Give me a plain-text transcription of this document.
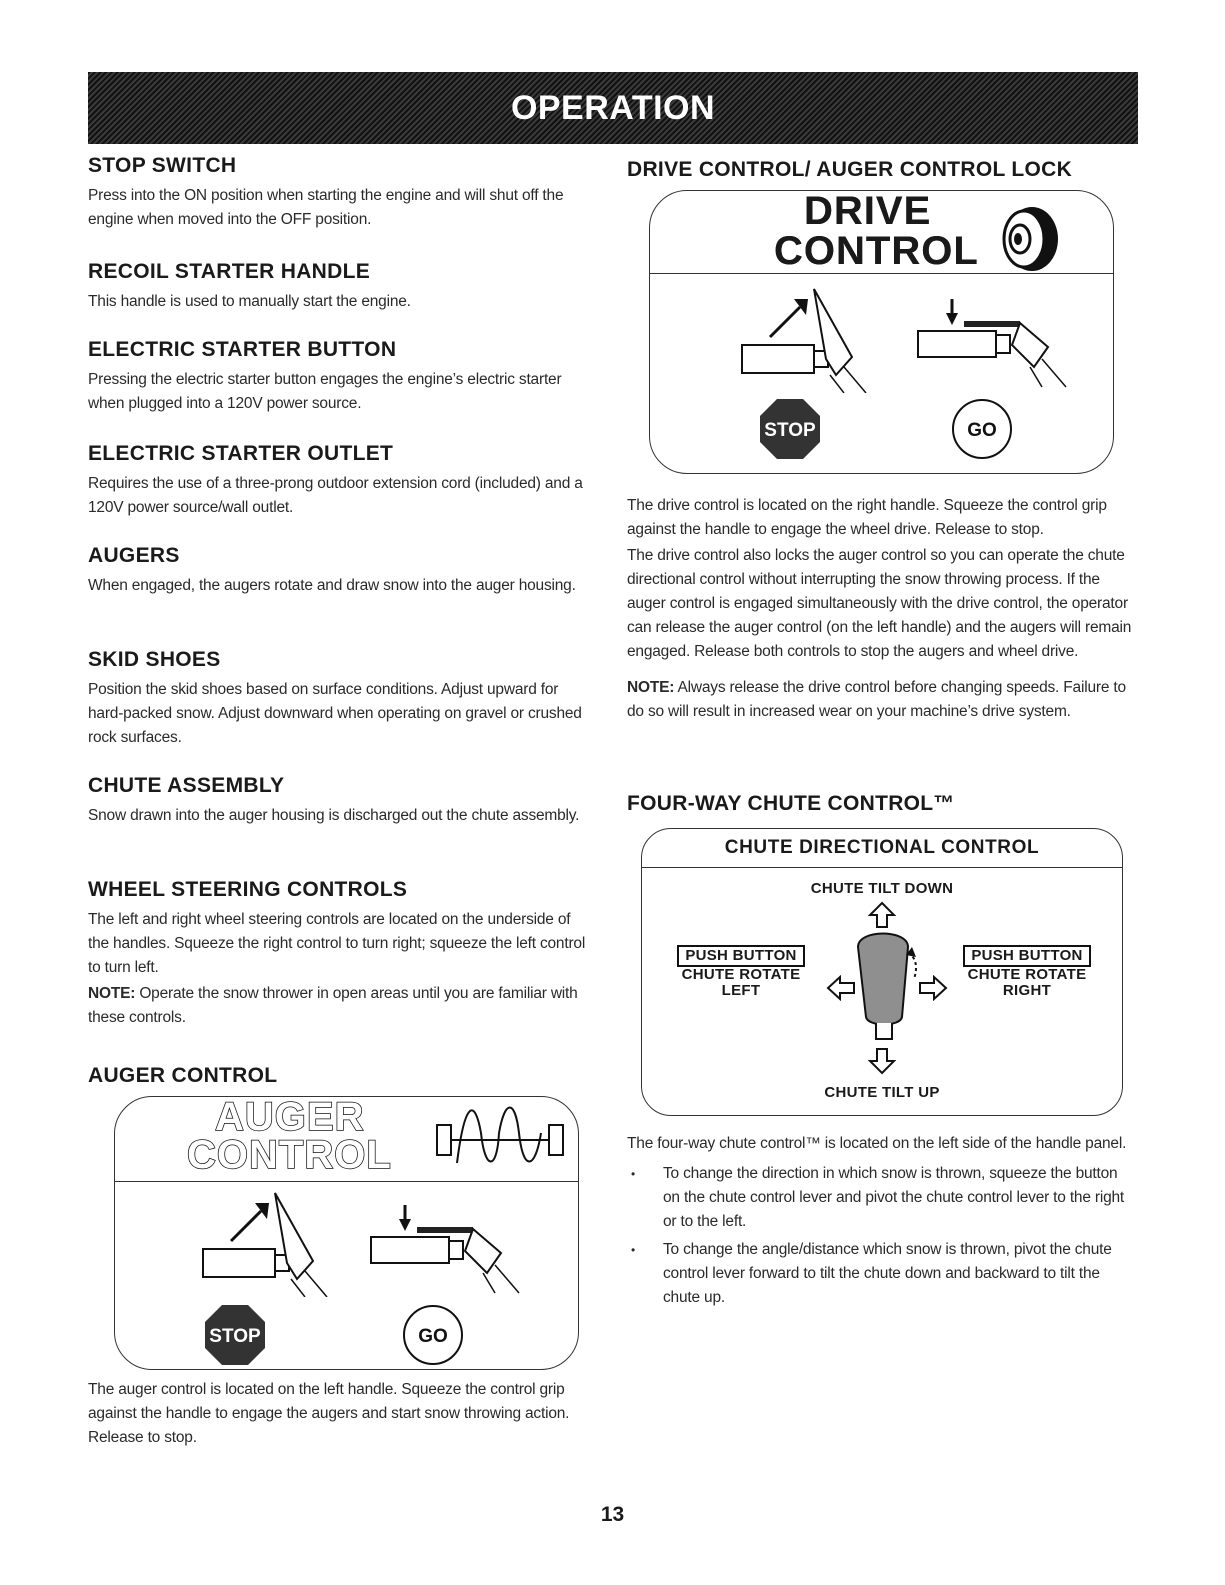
OPERATION
STOP SWITCH

Press into the ON position when starting the engine and will shut off the engine when moved into the OFF position.

RECOIL STARTER HANDLE

This handle is used to manually start the engine.

ELECTRIC STARTER BUTTON

Pressing the electric starter button engages the engine’s electric starter when plugged into a 120V power source.

ELECTRIC STARTER OUTLET

Requires the use of a three-prong outdoor extension cord (included) and a 120V power source/wall outlet.

AUGERS

When engaged, the augers rotate and draw snow into the auger housing.

SKID SHOES

Position the skid shoes based on surface conditions. Adjust upward for hard-packed snow. Adjust downward when operating on gravel or crushed rock surfaces.

CHUTE ASSEMBLY

Snow drawn into the auger housing is discharged out the chute assembly.

WHEEL STEERING CONTROLS

The left and right wheel steering controls are located on the underside of the handles. Squeeze the right control to turn right; squeeze the left control to turn left.

NOTE: Operate the snow thrower in open areas until you are familiar with these controls.

AUGER CONTROL
AUGER
CONTROL
STOP	GO

The auger control is located on the left handle. Squeeze the control grip against the handle to engage the augers and start snow throwing action. Release to stop.

DRIVE CONTROL/ AUGER CONTROL LOCK
DRIVE
CONTROL
STOP	GO

The drive control is located on the right handle. Squeeze the control grip against the handle to engage the wheel drive. Release to stop.

The drive control also locks the auger control so you can operate the chute directional control without interrupting the snow throwing process. If the auger control is engaged simultaneously with the drive control, the operator can release the auger control (on the left handle) and the augers will remain engaged. Release both controls to stop the augers and wheel drive.

NOTE: Always release the drive control before changing speeds. Failure to do so will result in increased wear on your machine’s drive system.

FOUR-WAY CHUTE CONTROL™
CHUTE DIRECTIONAL CONTROL
CHUTE TILT DOWN
PUSH BUTTON
CHUTE ROTATE
LEFT
PUSH BUTTON
CHUTE ROTATE
RIGHT
CHUTE TILT UP

The four-way chute control™ is located on the left side of the handle panel.

• To change the direction in which snow is thrown, squeeze the button on the chute control lever and pivot the chute control lever to the right or to the left.
• To change the angle/distance which snow is thrown, pivot the chute control lever forward to tilt the chute down and backward to tilt the chute up.
13
